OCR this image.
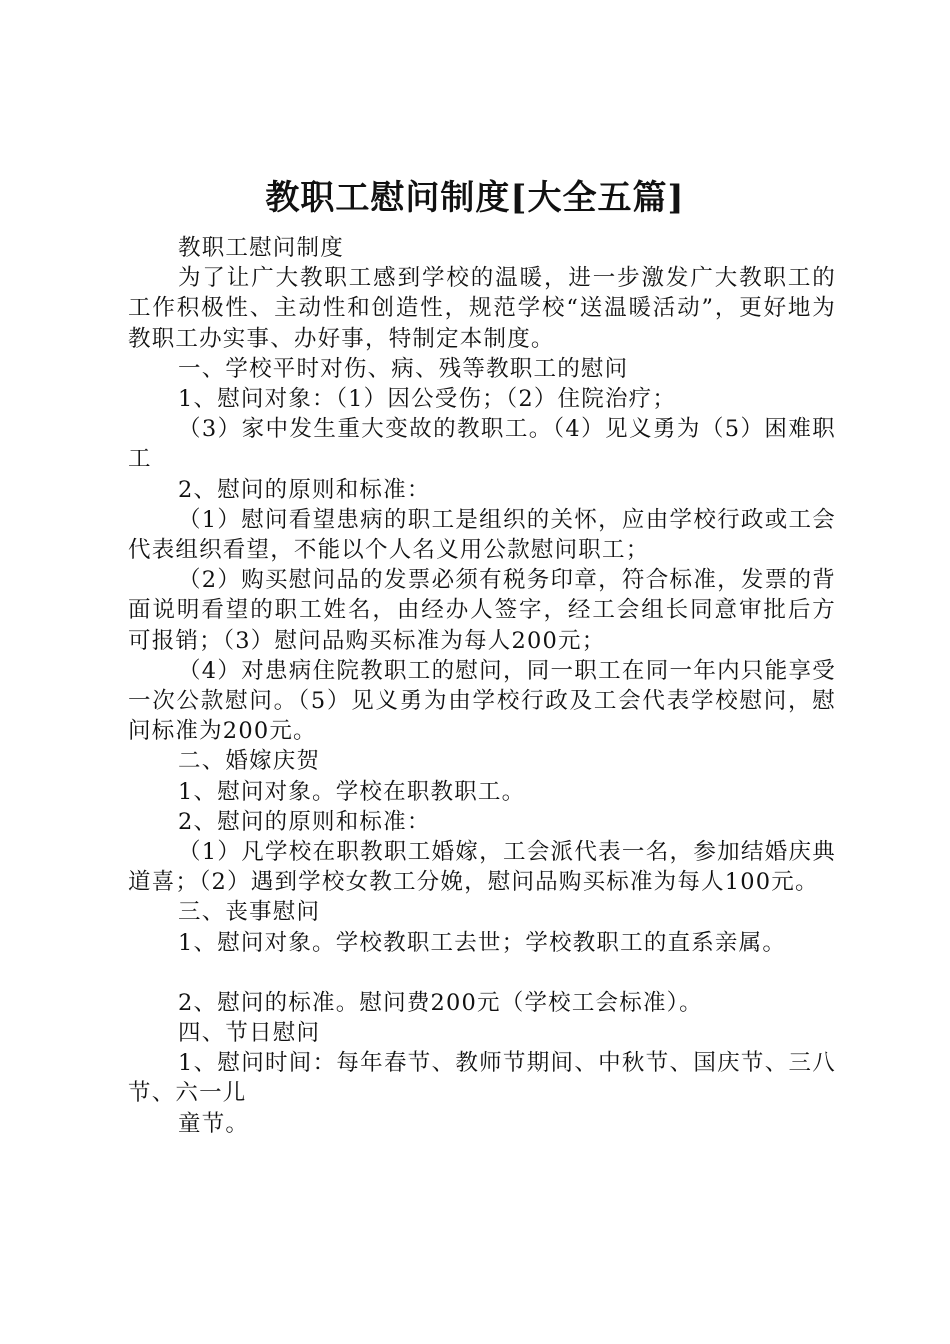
教职工慰问制度[大全五篇]

教职工慰问制度

为了让广大教职工感到学校的温暖，进一步激发广大教职工的工作积极性、主动性和创造性，规范学校“送温暖活动”，更好地为教职工办实事、办好事，特制定本制度。

一、学校平时对伤、病、残等教职工的慰问

1、慰问对象：（1）因公受伤；（2）住院治疗；

（3）家中发生重大变故的教职工。（4）见义勇为（5）困难职工

2、慰问的原则和标准：

（1）慰问看望患病的职工是组织的关怀，应由学校行政或工会代表组织看望，不能以个人名义用公款慰问职工；

（2）购买慰问品的发票必须有税务印章，符合标准，发票的背面说明看望的职工姓名，由经办人签字，经工会组长同意审批后方可报销；（3）慰问品购买标准为每人200元；

（4）对患病住院教职工的慰问，同一职工在同一年内只能享受一次公款慰问。（5）见义勇为由学校行政及工会代表学校慰问，慰问标准为200元。

二、婚嫁庆贺

1、慰问对象。学校在职教职工。

2、慰问的原则和标准：

（1）凡学校在职教职工婚嫁，工会派代表一名，参加结婚庆典道喜；（2）遇到学校女教工分娩，慰问品购买标准为每人100元。

三、丧事慰问

1、慰问对象。学校教职工去世；学校教职工的直系亲属。

2、慰问的标准。慰问费200元（学校工会标准）。

四、节日慰问

1、慰问时间：每年春节、教师节期间、中秋节、国庆节、三八节、六一儿

童节。
